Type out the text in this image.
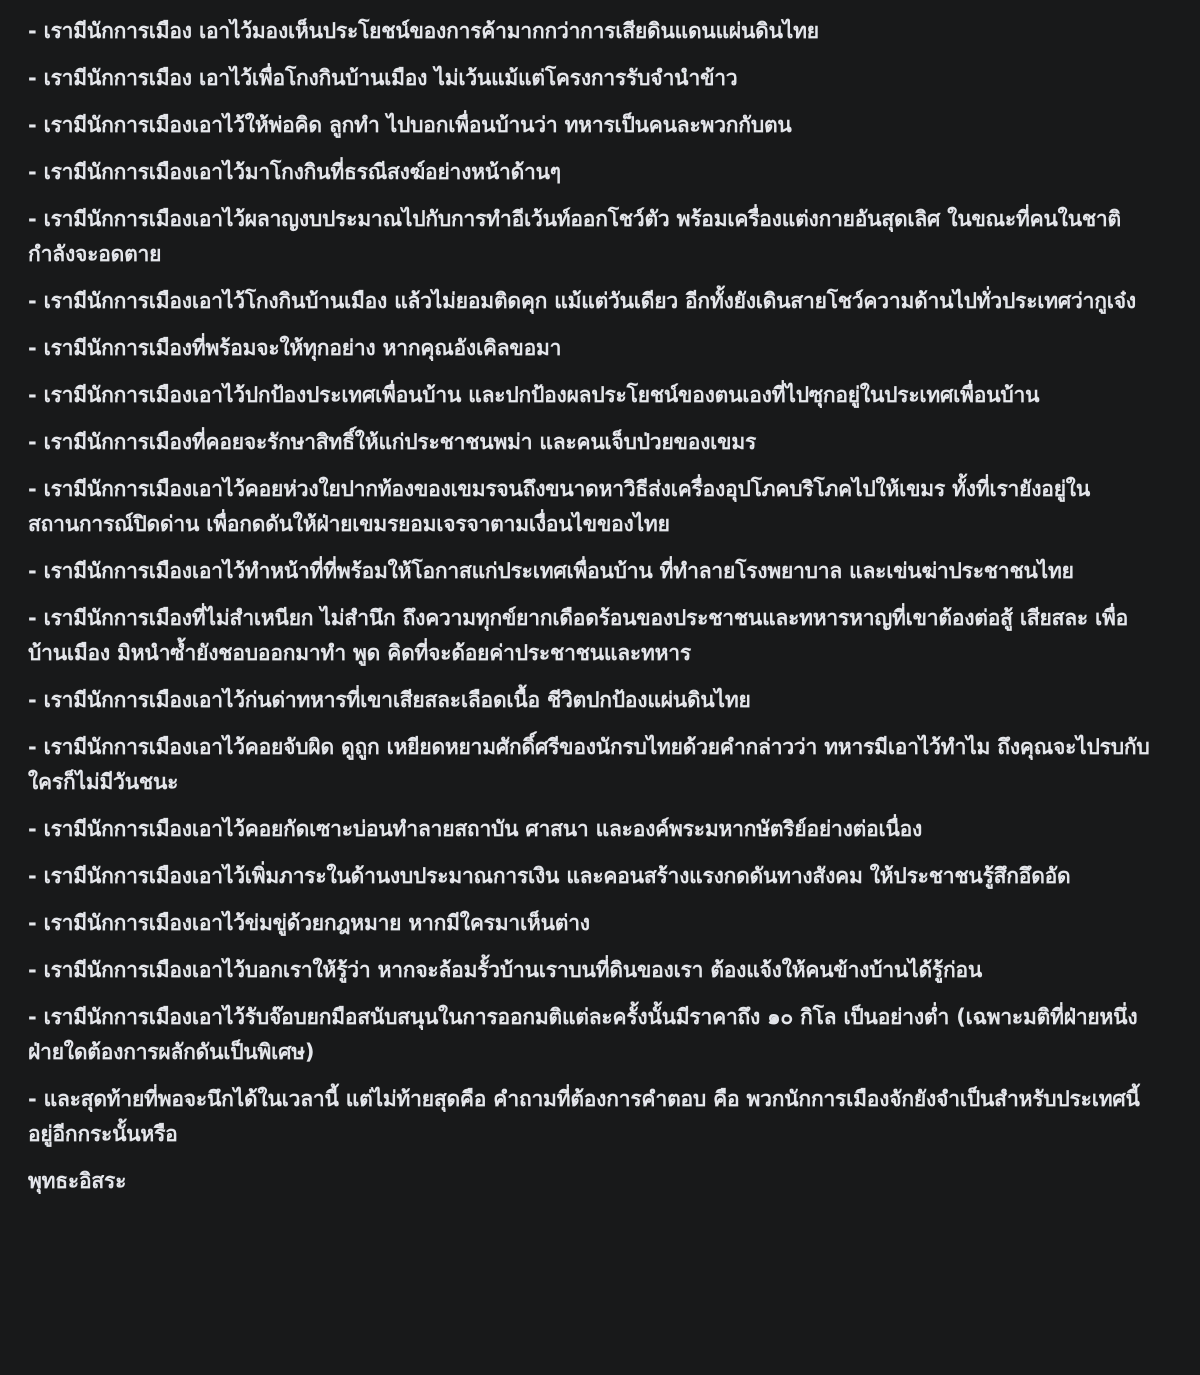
- เรามีนักการเมือง เอาไว้มองเห็นประโยชน์ของการค้ามากกว่าการเสียดินแดนแผ่นดินไทย

- เรามีนักการเมือง เอาไว้เพื่อโกงกินบ้านเมือง ไม่เว้นแม้แต่โครงการรับจำนำข้าว

- เรามีนักการเมืองเอาไว้ให้พ่อคิด ลูกทำ ไปบอกเพื่อนบ้านว่า ทหารเป็นคนละพวกกับตน

- เรามีนักการเมืองเอาไว้มาโกงกินที่ธรณีสงฆ์อย่างหน้าด้านๆ

- เรามีนักการเมืองเอาไว้ผลาญงบประมาณไปกับการทำอีเว้นท์ออกโชว์ตัว พร้อมเครื่องแต่งกายอันสุดเลิศ ในขณะที่คนในชาติกำลังจะอดตาย

- เรามีนักการเมืองเอาไว้โกงกินบ้านเมือง แล้วไม่ยอมติดคุก แม้แต่วันเดียว อีกทั้งยังเดินสายโชว์ความด้านไปทั่วประเทศว่ากูเจ๋ง

- เรามีนักการเมืองที่พร้อมจะให้ทุกอย่าง หากคุณอังเคิลขอมา

- เรามีนักการเมืองเอาไว้ปกป้องประเทศเพื่อนบ้าน และปกป้องผลประโยชน์ของตนเองที่ไปซุกอยู่ในประเทศเพื่อนบ้าน

- เรามีนักการเมืองที่คอยจะรักษาสิทธิ์ให้แก่ประชาชนพม่า และคนเจ็บป่วยของเขมร

- เรามีนักการเมืองเอาไว้คอยห่วงใยปากท้องของเขมรจนถึงขนาดหาวิธีส่งเครื่องอุปโภคบริโภคไปให้เขมร ทั้งที่เรายังอยู่ในสถานการณ์ปิดด่าน เพื่อกดดันให้ฝ่ายเขมรยอมเจรจาตามเงื่อนไขของไทย

- เรามีนักการเมืองเอาไว้ทำหน้าที่ที่พร้อมให้โอกาสแก่ประเทศเพื่อนบ้าน ที่ทำลายโรงพยาบาล และเข่นฆ่าประชาชนไทย

- เรามีนักการเมืองที่ไม่สำเหนียก ไม่สำนึก ถึงความทุกข์ยากเดือดร้อนของประชาชนและทหารหาญที่เขาต้องต่อสู้ เสียสละ เพื่อบ้านเมือง มิหนำซ้ำยังชอบออกมาทำ พูด คิดที่จะด้อยค่าประชาชนและทหาร

- เรามีนักการเมืองเอาไว้ก่นด่าทหารที่เขาเสียสละเลือดเนื้อ ชีวิตปกป้องแผ่นดินไทย

- เรามีนักการเมืองเอาไว้คอยจับผิด ดูถูก เหยียดหยามศักดิ์ศรีของนักรบไทยด้วยคำกล่าวว่า ทหารมีเอาไว้ทำไม ถึงคุณจะไปรบกับใครก็ไม่มีวันชนะ

- เรามีนักการเมืองเอาไว้คอยกัดเซาะบ่อนทำลายสถาบัน ศาสนา และองค์พระมหากษัตริย์อย่างต่อเนื่อง

- เรามีนักการเมืองเอาไว้เพิ่มภาระในด้านงบประมาณการเงิน และคอนสร้างแรงกดดันทางสังคม ให้ประชาชนรู้สึกอึดอัด

- เรามีนักการเมืองเอาไว้ข่มขู่ด้วยกฎหมาย หากมีใครมาเห็นต่าง

- เรามีนักการเมืองเอาไว้บอกเราให้รู้ว่า หากจะล้อมรั้วบ้านเราบนที่ดินของเรา ต้องแจ้งให้คนข้างบ้านได้รู้ก่อน

- เรามีนักการเมืองเอาไว้รับจ๊อบยกมือสนับสนุนในการออกมติแต่ละครั้งนั้นมีราคาถึง ๑๐ กิโล เป็นอย่างต่ำ (เฉพาะมติที่ฝ่ายหนึ่งฝ่ายใดต้องการผลักดันเป็นพิเศษ)

- และสุดท้ายที่พอจะนึกได้ในเวลานี้ แต่ไม่ท้ายสุดคือ คำถามที่ต้องการคำตอบ คือ พวกนักการเมืองจักยังจำเป็นสำหรับประเทศนี้อยู่อีกกระนั้นหรือ

พุทธะอิสระ
